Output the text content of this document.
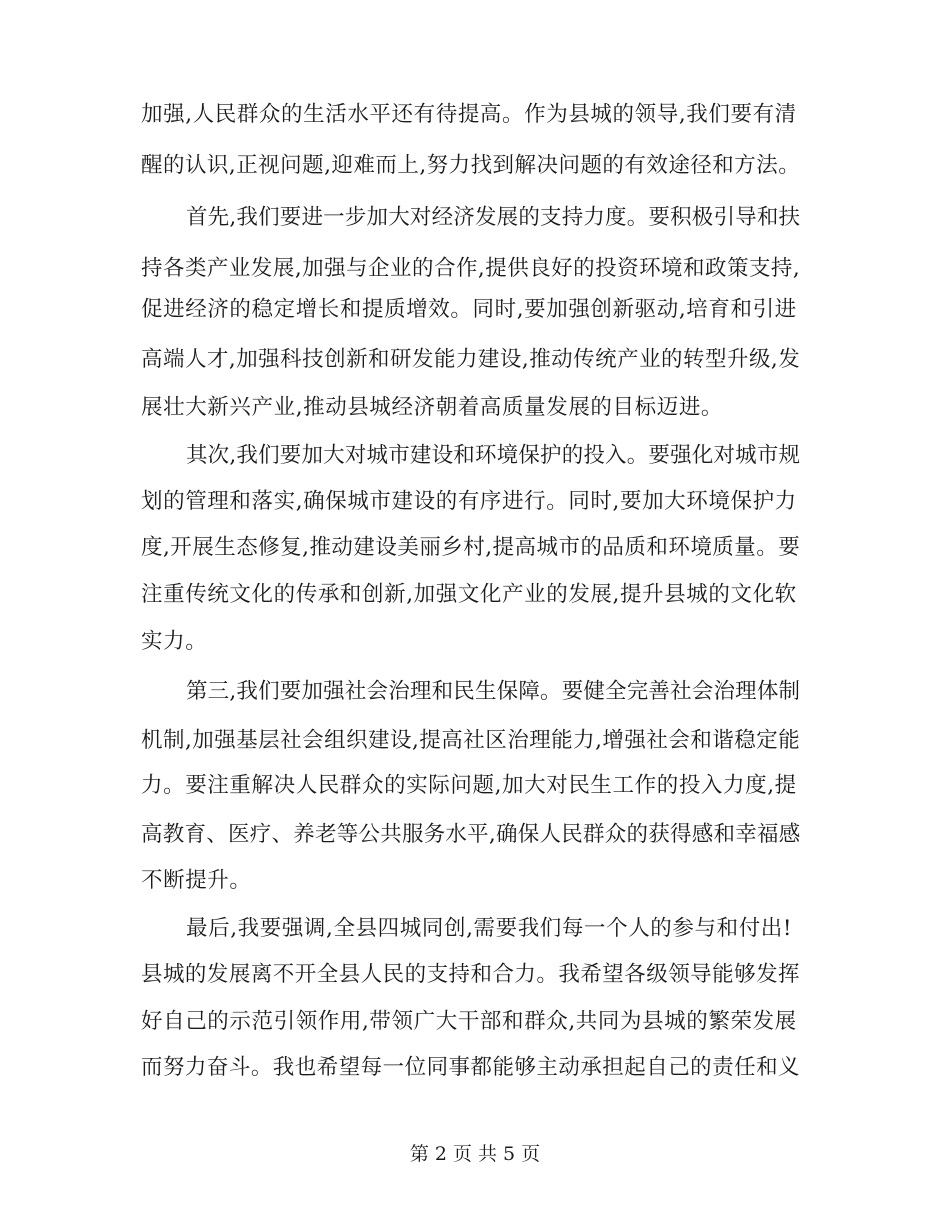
加强,人民群众的生活水平还有待提高。作为县城的领导,我们要有清
醒的认识,正视问题,迎难而上,努力找到解决问题的有效途径和方法。
首先,我们要进一步加大对经济发展的支持力度。要积极引导和扶
持各类产业发展,加强与企业的合作,提供良好的投资环境和政策支持,
促进经济的稳定增长和提质增效。同时,要加强创新驱动,培育和引进
高端人才,加强科技创新和研发能力建设,推动传统产业的转型升级,发
展壮大新兴产业,推动县城经济朝着高质量发展的目标迈进。
其次,我们要加大对城市建设和环境保护的投入。要强化对城市规
划的管理和落实,确保城市建设的有序进行。同时,要加大环境保护力
度,开展生态修复,推动建设美丽乡村,提高城市的品质和环境质量。要
注重传统文化的传承和创新,加强文化产业的发展,提升县城的文化软
实力。
第三,我们要加强社会治理和民生保障。要健全完善社会治理体制
机制,加强基层社会组织建设,提高社区治理能力,增强社会和谐稳定能
力。要注重解决人民群众的实际问题,加大对民生工作的投入力度,提
高教育、医疗、养老等公共服务水平,确保人民群众的获得感和幸福感
不断提升。
最后,我要强调,全县四城同创,需要我们每一个人的参与和付出!
县城的发展离不开全县人民的支持和合力。我希望各级领导能够发挥
好自己的示范引领作用,带领广大干部和群众,共同为县城的繁荣发展
而努力奋斗。我也希望每一位同事都能够主动承担起自己的责任和义
第 2 页 共 5 页
